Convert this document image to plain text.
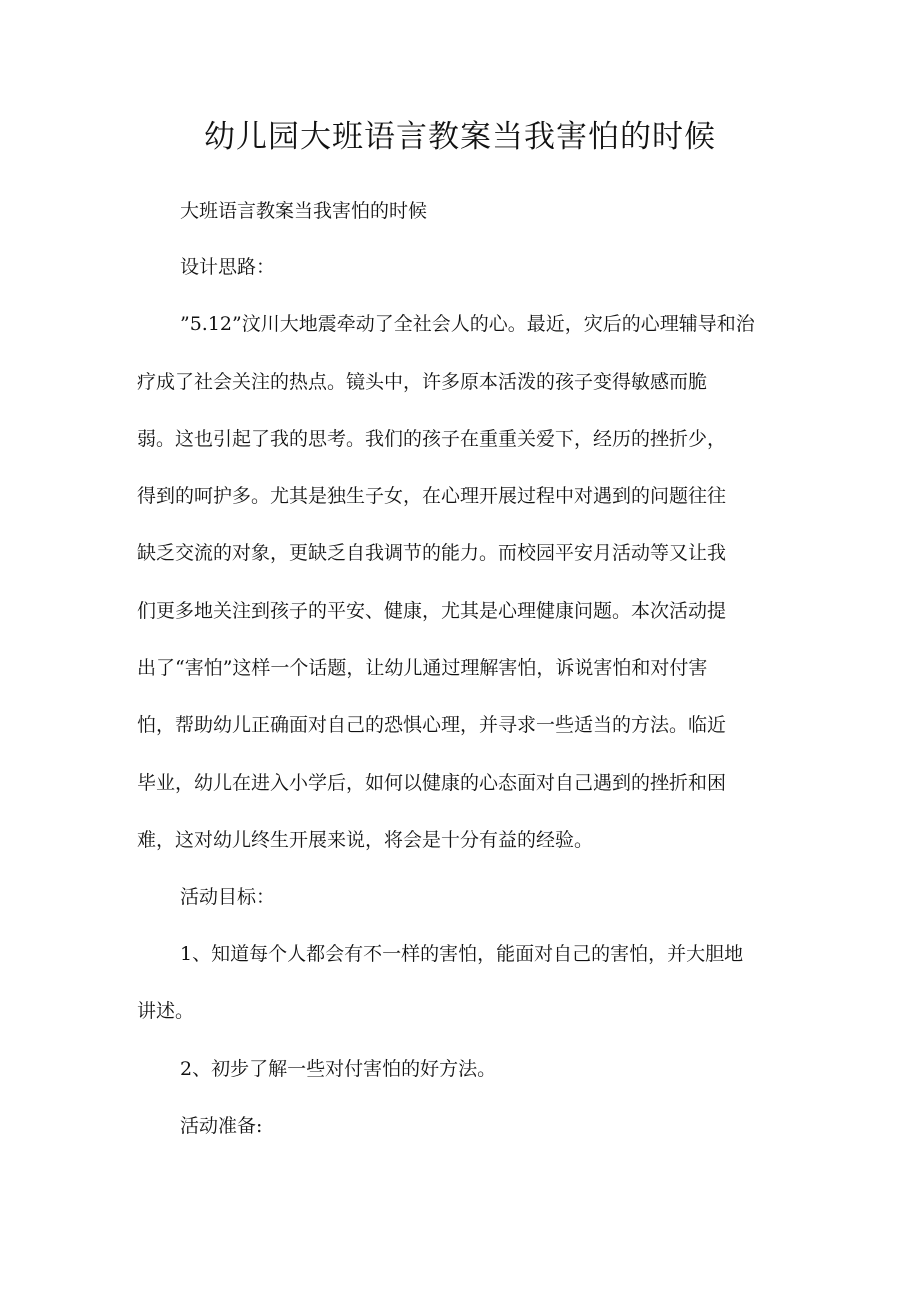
幼儿园大班语言教案当我害怕的时候
大班语言教案当我害怕的时候
设计思路：
”5.12”汶川大地震牵动了全社会人的心。最近，灾后的心理辅导和治
疗成了社会关注的热点。镜头中，许多原本活泼的孩子变得敏感而脆
弱。这也引起了我的思考。我们的孩子在重重关爱下，经历的挫折少，
得到的呵护多。尤其是独生子女，在心理开展过程中对遇到的问题往往
缺乏交流的对象，更缺乏自我调节的能力。而校园平安月活动等又让我
们更多地关注到孩子的平安、健康，尤其是心理健康问题。本次活动提
出了“害怕”这样一个话题，让幼儿通过理解害怕，诉说害怕和对付害
怕，帮助幼儿正确面对自己的恐惧心理，并寻求一些适当的方法。临近
毕业，幼儿在进入小学后，如何以健康的心态面对自己遇到的挫折和困
难，这对幼儿终生开展来说，将会是十分有益的经验。
活动目标：
1、知道每个人都会有不一样的害怕，能面对自己的害怕，并大胆地
讲述。
2、初步了解一些对付害怕的好方法。
活动准备:
